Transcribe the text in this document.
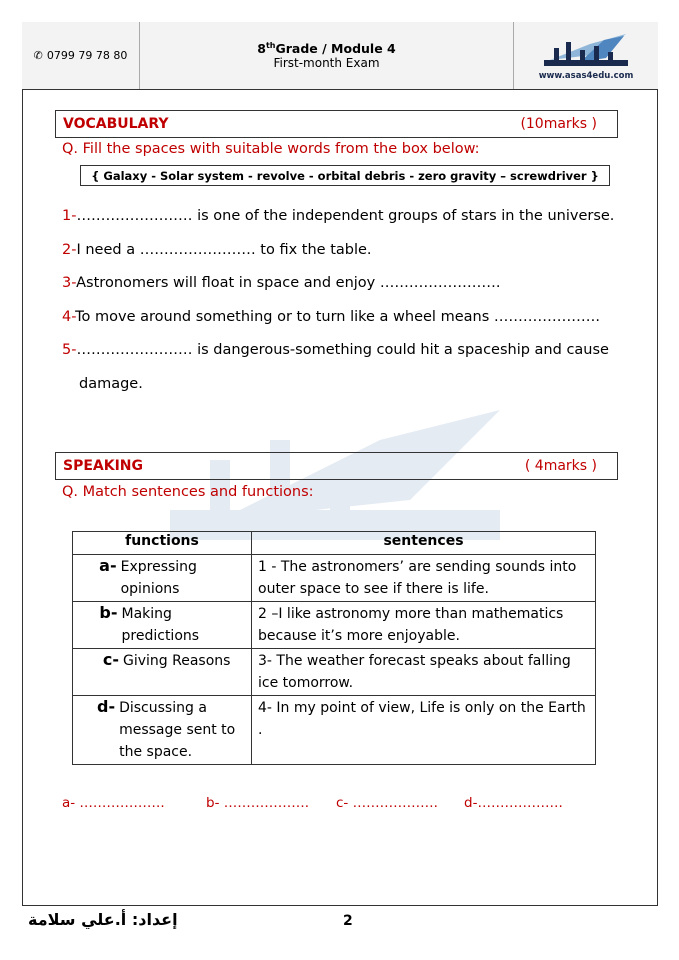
✆ 0799 79 78 80	8thGrade / Module 4
First-month Exam
www.asas4edu.com
VOCABULARY	(10marks )
Q. Fill the spaces with suitable words from the box below:
{ Galaxy - Solar system - revolve - orbital debris - zero gravity – screwdriver }
1-…………………… is one of the independent groups of stars in the universe.
2-I need a …………………… to fix the table.
3-Astronomers will float in space and enjoy …………………….
4-To move around something or to turn like a wheel means ………………….
5-…………………… is dangerous-something could hit a spaceship and cause
damage.
SPEAKING	( 4marks )
Q. Match sentences and functions:
functions	sentences

a- Expressing opinions	1 - The astronomers’ are sending sounds into outer space to see if there is life.

b- Making predictions	2 –I like astronomy more than mathematics because it’s more enjoyable.

c- Giving Reasons	3- The weather forecast speaks about falling ice tomorrow.

d- Discussing a message sent to the space.	4- In my point of view, Life is only on the Earth .
a- ……………….	b- ………………. c- ………………. d-……………….
إعداد: أ.علي سلامة	2
